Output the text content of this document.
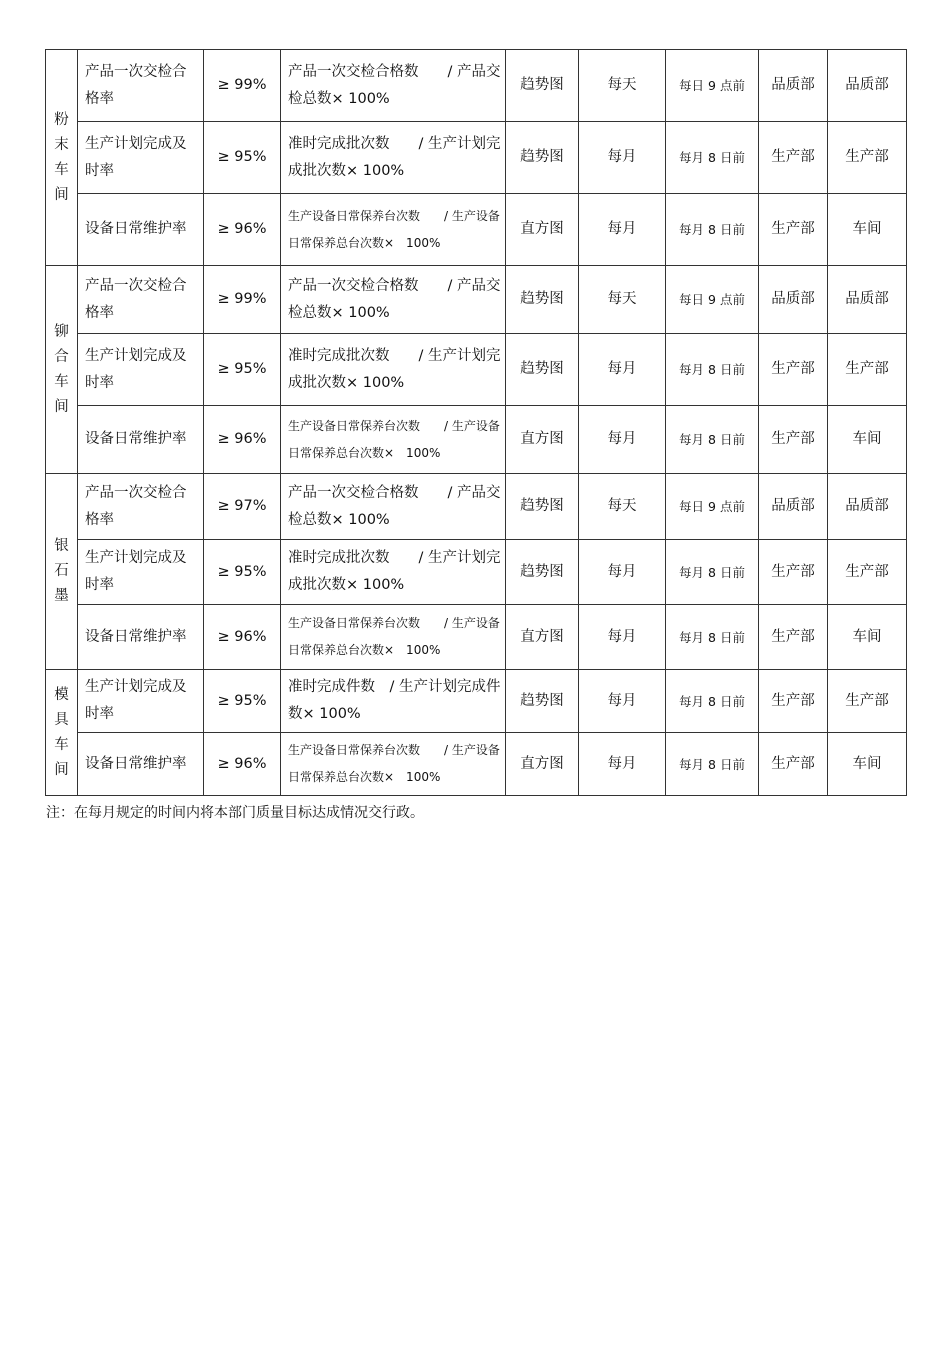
粉末车间	产品一次交检合格率	≥ 99%	产品一次交检合格数　　/ 产品交检总数× 100%	趋势图	每天	每日 9 点前	品质部	品质部
	生产计划完成及时率	≥ 95%	准时完成批次数　　/ 生产计划完成批次数× 100%	趋势图	每月	每月 8 日前	生产部	生产部
	设备日常维护率	≥ 96%	生产设备日常保养台次数　　/ 生产设备日常保养总台次数×　100%	直方图	每月	每月 8 日前	生产部	车间

铆合车间	产品一次交检合格率	≥ 99%	产品一次交检合格数　　/ 产品交检总数× 100%	趋势图	每天	每日 9 点前	品质部	品质部
	生产计划完成及时率	≥ 95%	准时完成批次数　　/ 生产计划完成批次数× 100%	趋势图	每月	每月 8 日前	生产部	生产部
	设备日常维护率	≥ 96%	生产设备日常保养台次数　　/ 生产设备日常保养总台次数×　100%	直方图	每月	每月 8 日前	生产部	车间

银石墨	产品一次交检合格率	≥ 97%	产品一次交检合格数　　/ 产品交检总数× 100%	趋势图	每天	每日 9 点前	品质部	品质部
	生产计划完成及时率	≥ 95%	准时完成批次数　　/ 生产计划完成批次数× 100%	趋势图	每月	每月 8 日前	生产部	生产部
	设备日常维护率	≥ 96%	生产设备日常保养台次数　　/ 生产设备日常保养总台次数×　100%	直方图	每月	每月 8 日前	生产部	车间

模具车间	生产计划完成及时率	≥ 95%	准时完成件数　/ 生产计划完成件数× 100%	趋势图	每月	每月 8 日前	生产部	生产部
	设备日常维护率	≥ 96%	生产设备日常保养台次数　　/ 生产设备日常保养总台次数×　100%	直方图	每月	每月 8 日前	生产部	车间
注：在每月规定的时间内将本部门质量目标达成情况交行政。
